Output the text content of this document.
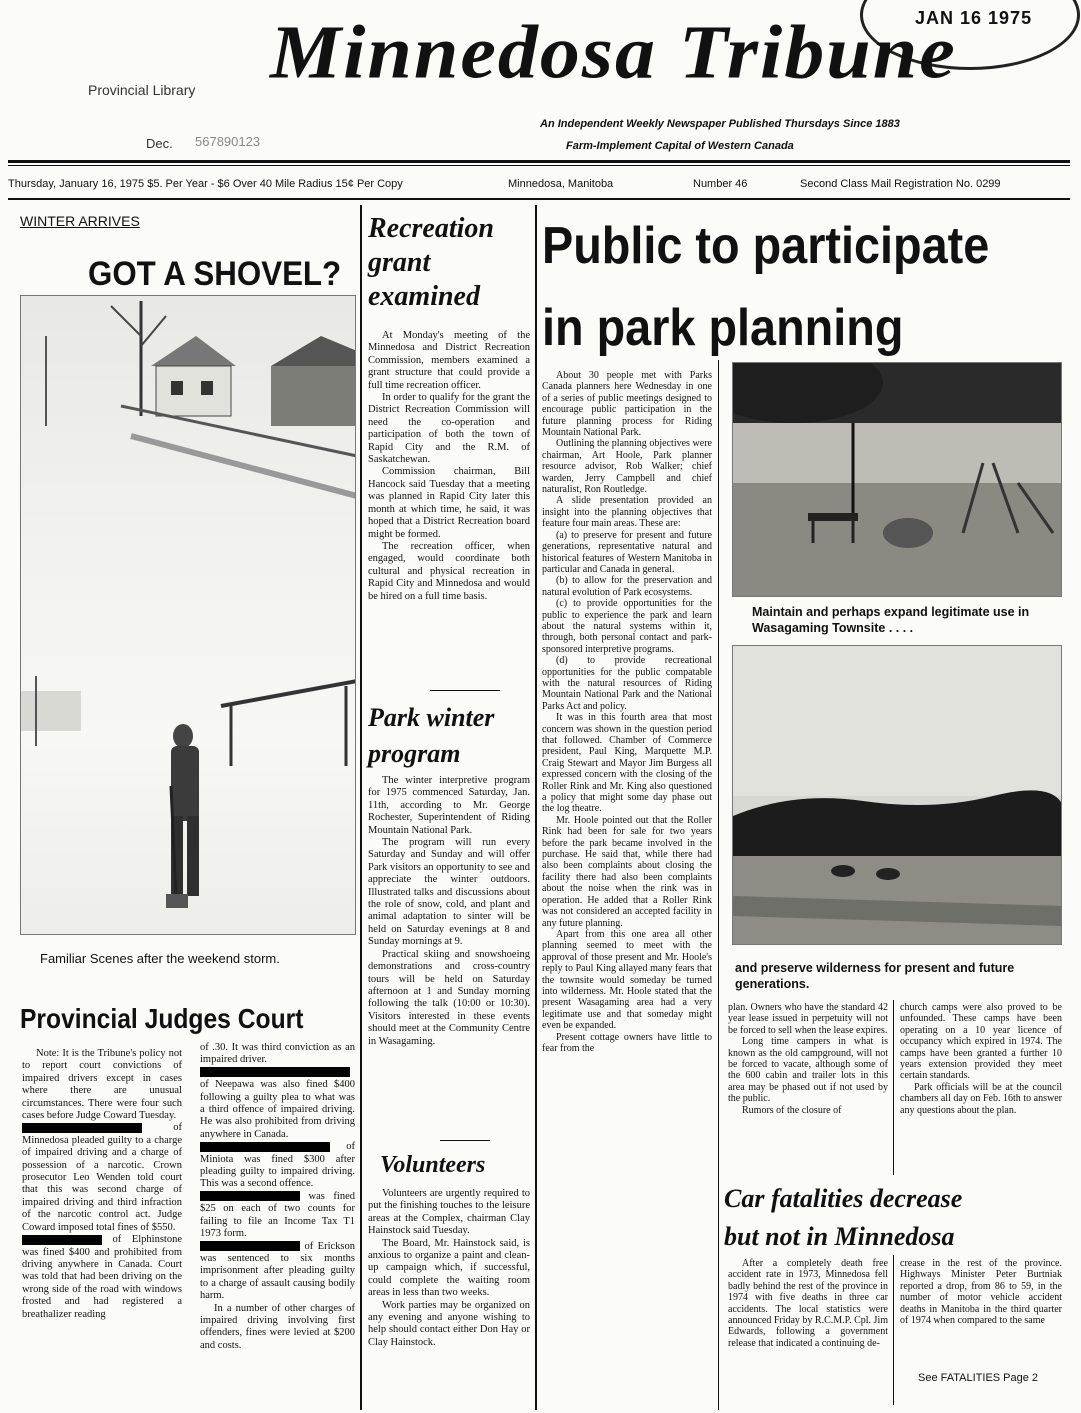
JAN 16 1975
Provincial Library
Dec. 567890123
Minnedosa Tribune
An Independent Weekly Newspaper Published Thursdays Since 1883
Farm-Implement Capital of Western Canada
Thursday, January 16, 1975 $5. Per Year - $6 Over 40 Mile Radius 15¢ Per Copy	Minnedosa, Manitoba	Number 46	Second Class Mail Registration No. 0299
WINTER ARRIVES
GOT A SHOVEL?
Familiar Scenes after the weekend storm.
Provincial Judges Court

Note: It is the Tribune's policy not to report court convictions of impaired drivers except in cases where there are unusual circumstances. There were four such cases before Judge Coward Tuesday.

of Minnedosa pleaded guilty to a charge of impaired driving and a charge of possession of a narcotic. Crown prosecutor Leo Wenden told court that this was second charge of impaired driving and third infraction of the narcotic control act. Judge Coward imposed total fines of $550.

of Elphinstone was fined $400 and prohibited from driving anywhere in Canada. Court was told that had been driving on the wrong side of the road with windows frosted and had registered a breathalizer reading

of .30. It was third conviction as an impaired driver.

of Neepawa was also fined $400 following a guilty plea to what was a third offence of impaired driving. He was also prohibited from driving anywhere in Canada.

of Miniota was fined $300 after pleading guilty to impaired driving. This was a second offence.

was fined $25 on each of two counts for failing to file an Income Tax T1 1973 form.

of Erickson was sentenced to six months imprisonment after pleading guilty to a charge of assault causing bodily harm.

In a number of other charges of impaired driving involving first offenders, fines were levied at $200 and costs.

Recreation
grant
examined

At Monday's meeting of the Minnedosa and District Recreation Commission, members examined a grant structure that could provide a full time recreation officer.

In order to qualify for the grant the District Recreation Commission will need the co-operation and participation of both the town of Rapid City and the R.M. of Saskatchewan.

Commission chairman, Bill Hancock said Tuesday that a meeting was planned in Rapid City later this month at which time, he said, it was hoped that a District Recreation board might be formed.

The recreation officer, when engaged, would coordinate both cultural and physical recreation in Rapid City and Minnedosa and would be hired on a full time basis.

Park winter
program

The winter interpretive program for 1975 commenced Saturday, Jan. 11th, according to Mr. George Rochester, Superintendent of Riding Mountain National Park.

The program will run every Saturday and Sunday and will offer Park visitors an opportunity to see and appreciate the winter outdoors. Illustrated talks and discussions about the role of snow, cold, and plant and animal adaptation to sinter will be held on Saturday evenings at 8 and Sunday mornings at 9.

Practical skiing and snowshoeing demonstrations and cross-country tours will be held on Saturday afternoon at 1 and Sunday morning following the talk (10:00 or 10:30). Visitors interested in these events should meet at the Community Centre in Wasagaming.

Volunteers

Volunteers are urgently required to put the finishing touches to the leisure areas at the Complex, chairman Clay Hainstock said Tuesday.

The Board, Mr. Hainstock said, is anxious to organize a paint and clean-up campaign which, if successful, could complete the waiting room areas in less than two weeks.

Work parties may be organized on any evening and anyone wishing to help should contact either Don Hay or Clay Hainstock.

Public to participate
in park planning

About 30 people met with Parks Canada planners here Wednesday in one of a series of public meetings designed to encourage public participation in the future planning process for Riding Mountain National Park.

Outlining the planning objectives were chairman, Art Hoole, Park planner resource advisor, Rob Walker; chief warden, Jerry Campbell and chief naturalist, Ron Routledge.

A slide presentation provided an insight into the planning objectives that feature four main areas. These are:

(a) to preserve for present and future generations, representative natural and historical features of Western Manitoba in particular and Canada in general.

(b) to allow for the preservation and natural evolution of Park ecosystems.

(c) to provide opportunities for the public to experience the park and learn about the natural systems within it, through, both personal contact and park-sponsored interpretive programs.

(d) to provide recreational opportunities for the public compatable with the natural resources of Riding Mountain National Park and the National Parks Act and policy.

It was in this fourth area that most concern was shown in the question period that followed. Chamber of Commerce president, Paul King, Marquette M.P. Craig Stewart and Mayor Jim Burgess all expressed concern with the closing of the Roller Rink and Mr. King also questioned a policy that might some day phase out the log theatre.

Mr. Hoole pointed out that the Roller Rink had been for sale for two years before the park became involved in the purchase. He said that, while there had also been complaints about closing the facility there had also been complaints about the noise when the rink was in operation. He added that a Roller Rink was not considered an accepted facility in any future planning.

Apart from this one area all other planning seemed to meet with the approval of those present and Mr. Hoole's reply to Paul King allayed many fears that the townsite would someday be turned into wilderness. Mr. Hoole stated that the present Wasagaming area had a very legitimate use and that someday might even be expanded.

Present cottage owners have little to fear from the

Maintain and perhaps expand legitimate use in Wasagaming Townsite . . . .
and preserve wilderness for present and future generations.

plan. Owners who have the standard 42 year lease issued in perpetuity will not be forced to sell when the lease expires.

Long time campers in what is known as the old campground, will not be forced to vacate, although some of the 600 cabin and trailer lots in this area may be phased out if not used by the public.

Rumors of the closure of

church camps were also proved to be unfounded. These camps have been operating on a 10 year licence of occupancy which expired in 1974. The camps have been granted a further 10 years extension provided they meet certain standards.

Park officials will be at the council chambers all day on Feb. 16th to answer any questions about the plan.

Car fatalities decrease
but not in Minnedosa
After a completely death free accident rate in 1973, Minnedosa fell badly behind the rest of the province in 1974 with five deaths in three car accidents. The local statistics were announced Friday by R.C.M.P. Cpl. Jim Edwards, following a government release that indicated a continuing de-
crease in the rest of the province. Highways Minister Peter Burtniak reported a drop, from 86 to 59, in the number of motor vehicle accident deaths in Manitoba in the third quarter of 1974 when compared to the same
See FATALITIES Page 2
